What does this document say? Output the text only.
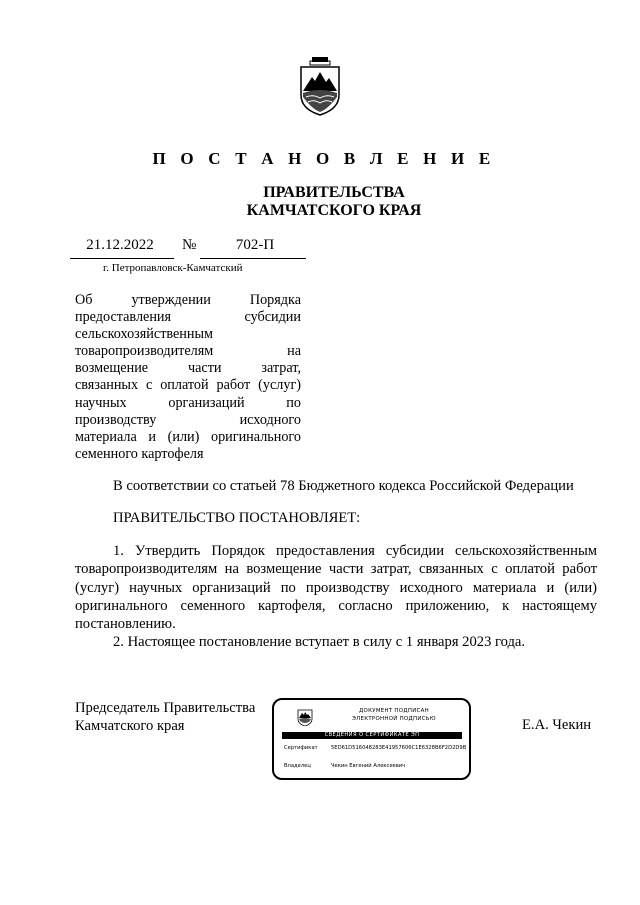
П О С Т А Н О В Л Е Н И Е
ПРАВИТЕЛЬСТВА
КАМЧАТСКОГО КРАЯ
21.12.2022	№	702-П
г. Петропавловск-Камчатский
Об утверждении Порядка
предоставления субсидии
сельскохозяйственным
товаропроизводителям на
возмещение части затрат,
связанных с оплатой работ (услуг)
научных организаций по
производству исходного
материала и (или) оригинального
семенного картофеля
В соответствии со статьей 78 Бюджетного кодекса Российской Федерации
ПРАВИТЕЛЬСТВО ПОСТАНОВЛЯЕТ:
1. Утвердить Порядок предоставления субсидии сельскохозяйственным
товаропроизводителям на возмещение части затрат, связанных с оплатой работ
(услуг) научных организаций по производству исходного материала и (или)
оригинального семенного картофеля, согласно приложению, к настоящему
постановлению.
2. Настоящее постановление вступает в силу с 1 января 2023 года.
Председатель Правительства
Камчатского края	Е.А. Чекин
ДОКУМЕНТ ПОДПИСАН
ЭЛЕКТРОННОЙ ПОДПИСЬЮ
СВЕДЕНИЯ О СЕРТИФИКАТЕ ЭП
Сертификат	5ED61D516048283E41957606C1E6328B6F2D2D9B
Владелец	Чекин Евгений Алексеевич
